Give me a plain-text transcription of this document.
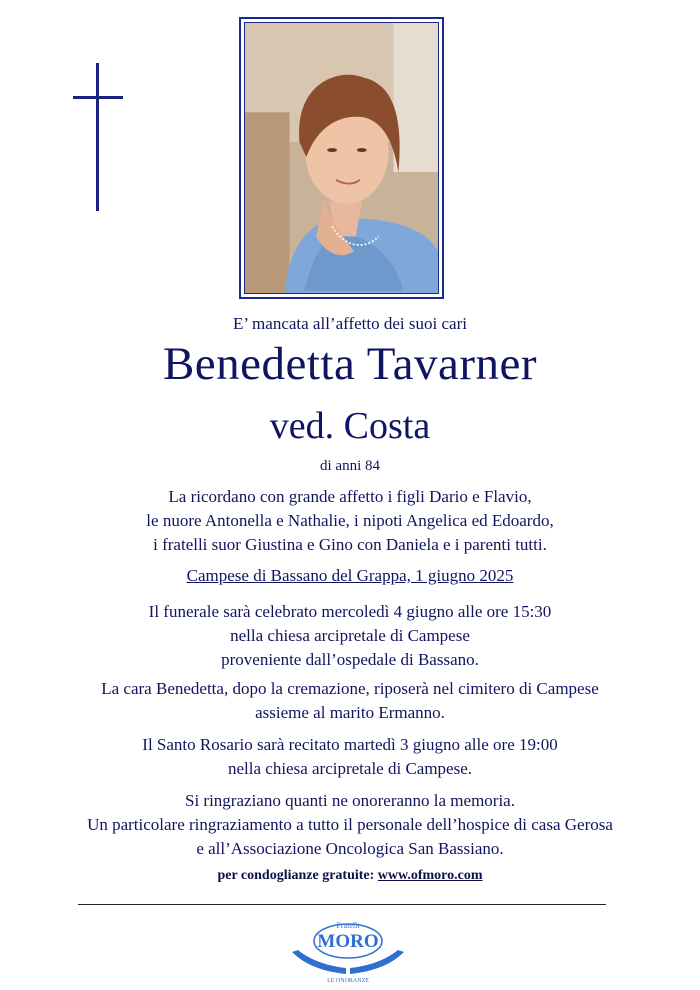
E’ mancata all’affetto dei suoi cari
Benedetta Tavarner
ved. Costa
di anni 84
La ricordano con grande affetto i figli Dario e Flavio,
le nuore Antonella e Nathalie, i nipoti Angelica ed Edoardo,
i fratelli suor Giustina e Gino con Daniela e i parenti tutti.
Campese di Bassano del Grappa, 1 giugno 2025
Il funerale sarà celebrato mercoledì 4 giugno alle ore 15:30
nella chiesa arcipretale di Campese
proveniente dall’ospedale di Bassano.
La cara Benedetta, dopo la cremazione, riposerà nel cimitero di Campese
assieme al marito Ermanno.
Il Santo Rosario sarà recitato martedì 3 giugno alle ore 19:00
nella chiesa arcipretale di Campese.
Si ringraziano quanti ne onoreranno la memoria.
Un particolare ringraziamento a tutto il personale dell’hospice di casa Gerosa
e all’Associazione Oncologica San Bassiano.
per condoglianze gratuite: www.ofmoro.com
Fratelli
MORO
LE ONORANZE
